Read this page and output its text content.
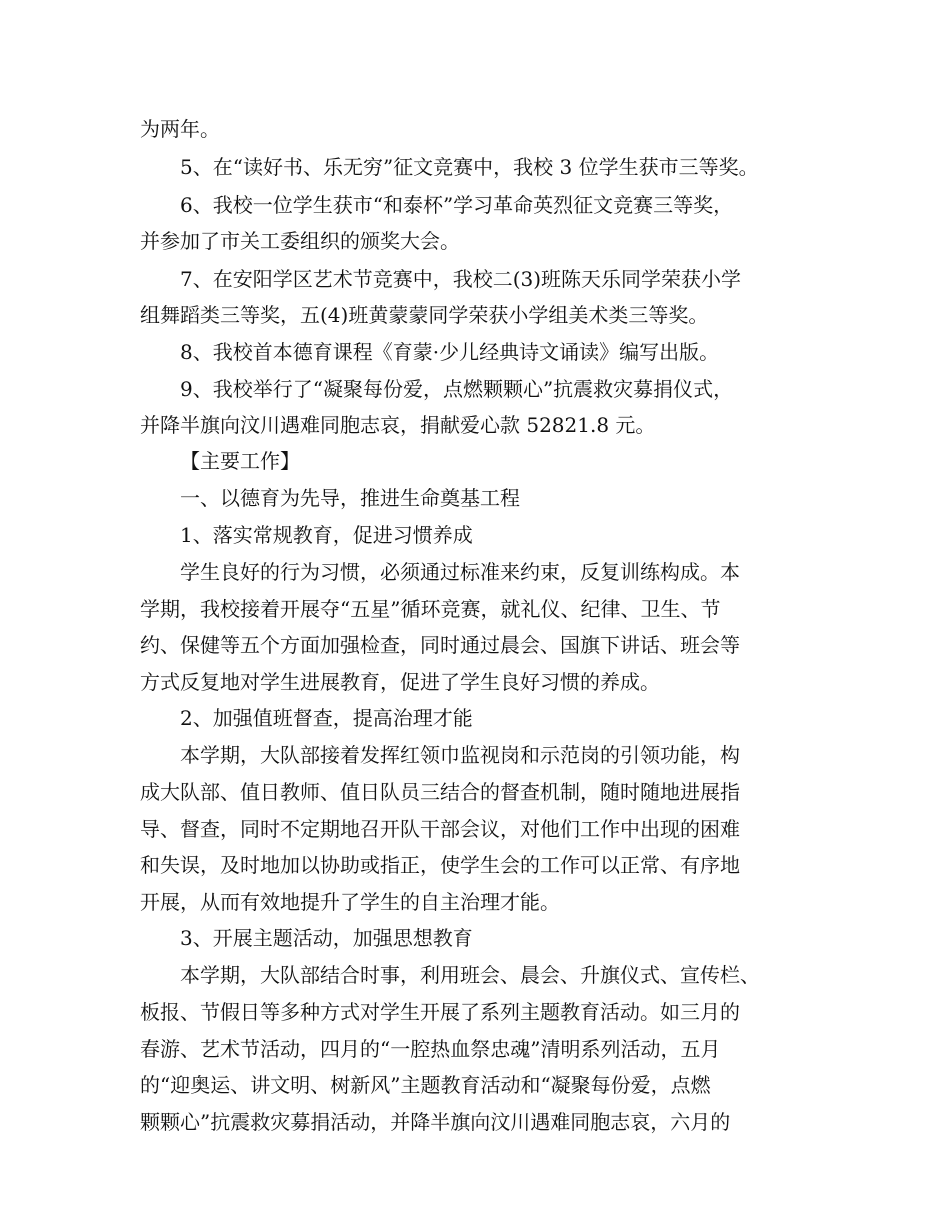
为两年。
5、在“读好书、乐无穷”征文竞赛中，我校 3 位学生获市三等奖。
6、我校一位学生获市“和泰杯”学习革命英烈征文竞赛三等奖，
并参加了市关工委组织的颁奖大会。
7、在安阳学区艺术节竞赛中，我校二(3)班陈天乐同学荣获小学
组舞蹈类三等奖，五(4)班黄蒙蒙同学荣获小学组美术类三等奖。
8、我校首本德育课程《育蒙·少儿经典诗文诵读》编写出版。
9、我校举行了“凝聚每份爱，点燃颗颗心”抗震救灾募捐仪式，
并降半旗向汶川遇难同胞志哀，捐献爱心款 52821.8 元。
【主要工作】
一、以德育为先导，推进生命奠基工程
1、落实常规教育，促进习惯养成
学生良好的行为习惯，必须通过标准来约束，反复训练构成。本
学期，我校接着开展夺“五星”循环竞赛，就礼仪、纪律、卫生、节
约、保健等五个方面加强检查，同时通过晨会、国旗下讲话、班会等
方式反复地对学生进展教育，促进了学生良好习惯的养成。
2、加强值班督查，提高治理才能
本学期，大队部接着发挥红领巾监视岗和示范岗的引领功能，构
成大队部、值日教师、值日队员三结合的督查机制，随时随地进展指
导、督查，同时不定期地召开队干部会议，对他们工作中出现的困难
和失误，及时地加以协助或指正，使学生会的工作可以正常、有序地
开展，从而有效地提升了学生的自主治理才能。
3、开展主题活动，加强思想教育
本学期，大队部结合时事，利用班会、晨会、升旗仪式、宣传栏、
板报、节假日等多种方式对学生开展了系列主题教育活动。如三月的
春游、艺术节活动，四月的“一腔热血祭忠魂”清明系列活动，五月
的“迎奥运、讲文明、树新风”主题教育活动和“凝聚每份爱，点燃
颗颗心”抗震救灾募捐活动，并降半旗向汶川遇难同胞志哀，六月的
